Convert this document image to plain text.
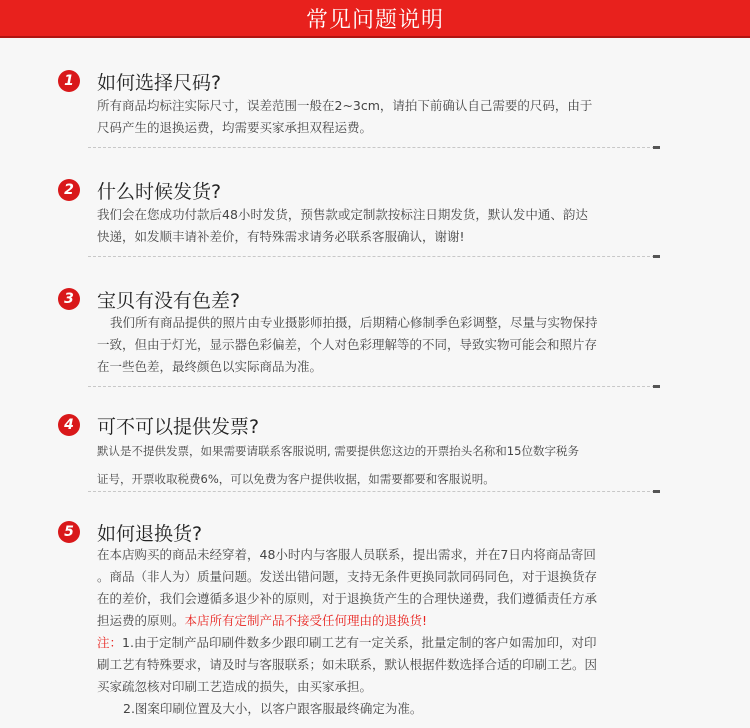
常见问题说明
1	如何选择尺码?

所有商品均标注实际尺寸，误差范围一般在2~3cm，请拍下前确认自己需要的尺码，由于

尺码产生的退换运费，均需要买家承担双程运费。

2	什么时候发货?

我们会在您成功付款后48小时发货，预售款或定制款按标注日期发货，默认发中通、韵达

快递，如发顺丰请补差价，有特殊需求请务必联系客服确认，谢谢!

3	宝贝有没有色差?

我们所有商品提供的照片由专业摄影师拍摄，后期精心修制季色彩调整，尽量与实物保持

一致，但由于灯光，显示器色彩偏差，个人对色彩理解等的不同，导致实物可能会和照片存

在一些色差，最终颜色以实际商品为准。

4	可不可以提供发票?

默认是不提供发票，如果需要请联系客服说明, 需要提供您这边的开票抬头名称和15位数字税务

证号，开票收取税费6%，可以免费为客户提供收据，如需要都要和客服说明。

5	如何退换货?

在本店购买的商品未经穿着，48小时内与客服人员联系，提出需求，并在7日内将商品寄回

。商品（非人为）质量问题。发送出错问题，支持无条件更换同款同码同色，对于退换货存

在的差价，我们会遵循多退少补的原则，对于退换货产生的合理快递费，我们遵循责任方承

担运费的原则。本店所有定制产品不接受任何理由的退换货!

注：1.由于定制产品印刷件数多少跟印刷工艺有一定关系，批量定制的客户如需加印，对印

刷工艺有特殊要求，请及时与客服联系；如未联系，默认根据件数选择合适的印刷工艺。因

买家疏忽核对印刷工艺造成的损失，由买家承担。

2.图案印刷位置及大小，以客户跟客服最终确定为准。
